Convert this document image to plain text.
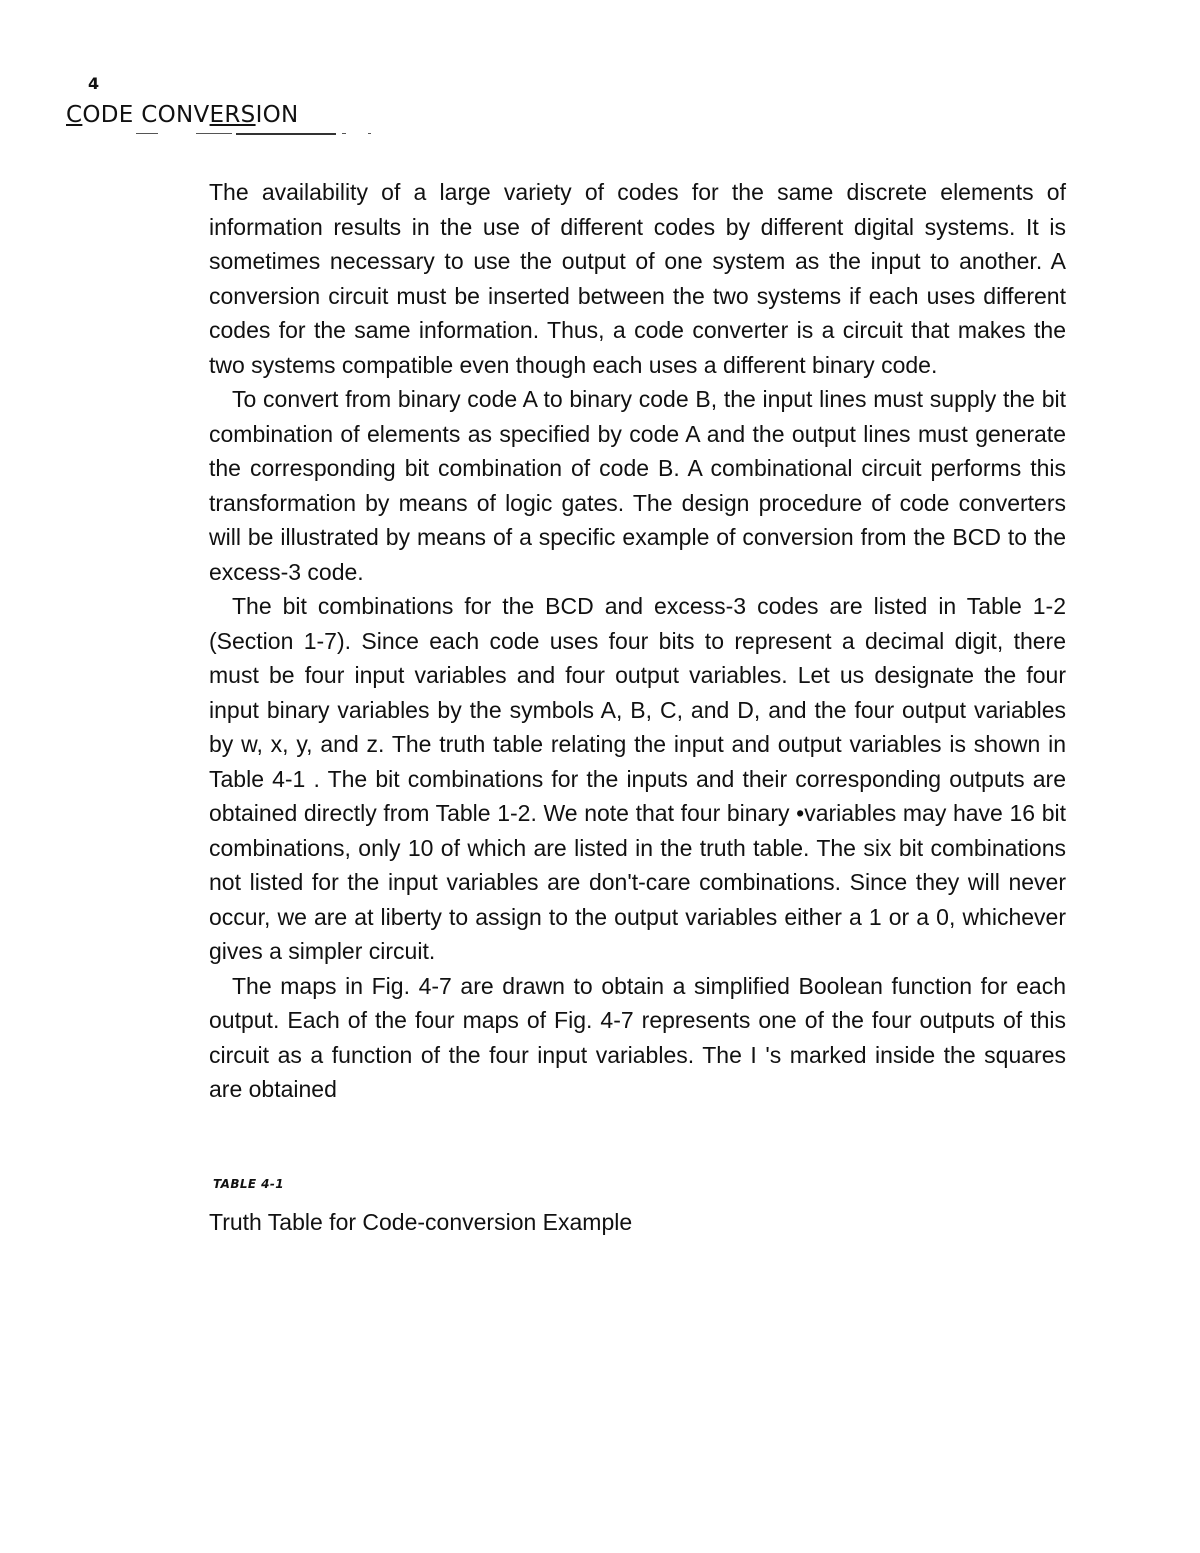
4
CODE CONVERSION

The availability of a large variety of codes for the same discrete elements of information results in the use of different codes by different digital systems. It is sometimes necessary to use the output of one system as the input to another. A conversion circuit must be inserted between the two systems if each uses different codes for the same information. Thus, a code converter is a circuit that makes the two systems compatible even though each uses a different binary code.

To convert from binary code A to binary code B, the input lines must supply the bit combination of elements as specified by code A and the output lines must generate the corresponding bit combination of code B. A combinational circuit performs this transformation by means of logic gates. The design procedure of code converters will be illustrated by means of a specific example of conversion from the BCD to the excess-3 code.

The bit combinations for the BCD and excess-3 codes are listed in Table 1-2 (Section 1-7). Since each code uses four bits to represent a decimal digit, there must be four input variables and four output variables. Let us designate the four input binary variables by the symbols A, B, C, and D, and the four output variables by w, x, y, and z. The truth table relating the input and output variables is shown in Table 4-1 . The bit combinations for the inputs and their corresponding outputs are obtained directly from Table 1-2. We note that four binary •variables may have 16 bit combinations, only 10 of which are listed in the truth table. The six bit combinations not listed for the input variables are don't-care combinations. Since they will never occur, we are at liberty to assign to the output variables either a 1 or a 0, whichever gives a simpler circuit.

The maps in Fig. 4-7 are drawn to obtain a simplified Boolean function for each output. Each of the four maps of Fig. 4-7 represents one of the four outputs of this circuit as a function of the four input variables. The I 's marked inside the squares are obtained

TABLE 4-1
Truth Table for Code-conversion Example
